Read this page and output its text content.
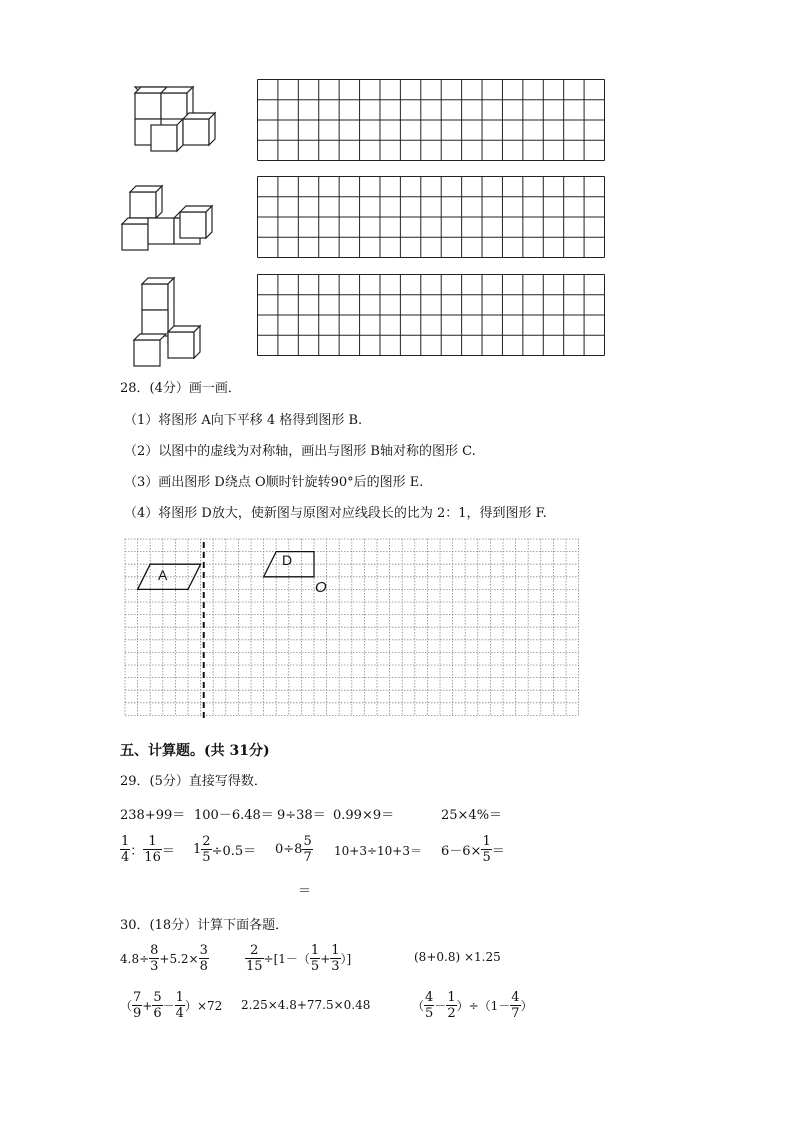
28．(4分）画一画．
（1）将图形 A向下平移 4 格得到图形 B.
（2）以图中的虚线为对称轴，画出与图形 B轴对称的图形 C.
（3）画出图形 D绕点 O顺时针旋转90°后的图形 E.
（4）将图形 D放大，使新图与原图对应线段长的比为 2：1，得到图形 F.
A
D
O
五、计算题。(共 31分)
29．(5分）直接写得数．
238+99＝ 100－6.48＝ 9÷38＝ 0.99×9＝	25×4%＝
$\frac{1}{4}$ ： $\frac{1}{16} = 1 \frac{2}{5} \div 0.5= 0\div 8 \frac{5}{7}$
＝
$10+3\div 10+3= 6-6\times \frac{1}{5}$ ＝
30．(18分）计算下面各题．
$4.8\div \frac{8}{3} +5.2\times \frac{3}{8}$	$\frac{2}{15} \div[1-( \frac{1}{5} + \frac{1}{3}$ ）]	(8+0.8) ×1.25
（ $\frac{7}{9} + \frac{5}{6} - \frac{1}{4} )\times 72$ 2.25×4.8+77.5×0.48	（ $\frac{4}{5} - \frac{1}{2} )\div(1- \frac{4}{7}$ ）
